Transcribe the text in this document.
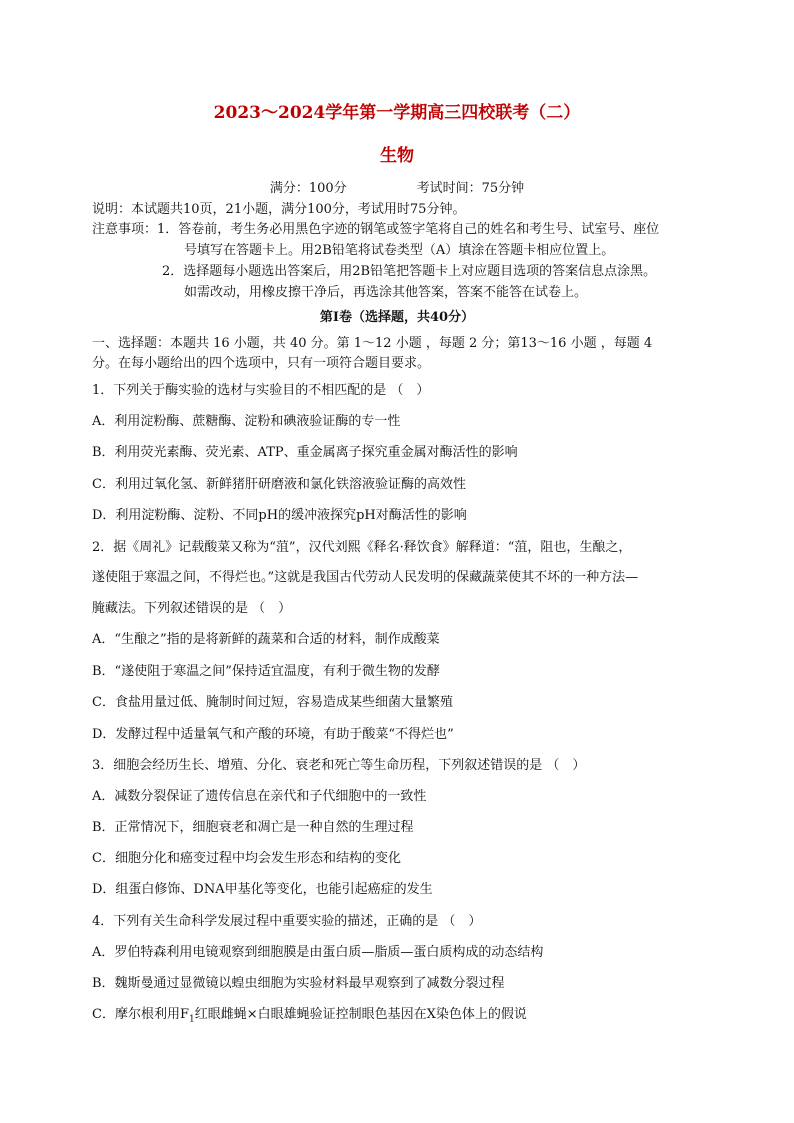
2023～2024学年第一学期高三四校联考（二）
生物
满分：100分	考试时间：75分钟
说明：本试题共10页，21小题，满分100分，考试用时75分钟。
注意事项：1．答卷前，考生务必用黑色字迹的钢笔或签字笔将自己的姓名和考生号、试室号、座位
号填写在答题卡上。用2B铅笔将试卷类型（A）填涂在答题卡相应位置上。
2．选择题每小题选出答案后，用2B铅笔把答题卡上对应题目选项的答案信息点涂黑。
如需改动，用橡皮擦干净后，再选涂其他答案，答案不能答在试卷上。
第Ⅰ卷（选择题，共40分）
一、选择题：本题共 16 小题，共 40 分。第 1～12 小题 ，每题 2 分；第13～16 小题 ，每题 4
分。在每小题给出的四个选项中，只有一项符合题目要求。
1．下列关于酶实验的选材与实验目的不相匹配的是 （　）
A．利用淀粉酶、蔗糖酶、淀粉和碘液验证酶的专一性
B．利用荧光素酶、荧光素、ATP、重金属离子探究重金属对酶活性的影响
C．利用过氧化氢、新鲜猪肝研磨液和氯化铁溶液验证酶的高效性
D．利用淀粉酶、淀粉、不同pH的缓冲液探究pH对酶活性的影响
2．据《周礼》记载酸菜又称为“菹”，汉代刘熙《释名·释饮食》解释道：“菹，阻也，生酿之，
遂使阻于寒温之间，不得烂也。”这就是我国古代劳动人民发明的保藏蔬菜使其不坏的一种方法—
腌藏法。下列叙述错误的是 （　）
A．“生酿之”指的是将新鲜的蔬菜和合适的材料，制作成酸菜
B．“遂使阻于寒温之间”保持适宜温度，有利于微生物的发酵
C．食盐用量过低、腌制时间过短，容易造成某些细菌大量繁殖
D．发酵过程中适量氧气和产酸的环境，有助于酸菜“不得烂也”
3．细胞会经历生长、增殖、分化、衰老和死亡等生命历程，下列叙述错误的是 （　）
A．减数分裂保证了遗传信息在亲代和子代细胞中的一致性
B．正常情况下，细胞衰老和凋亡是一种自然的生理过程
C．细胞分化和癌变过程中均会发生形态和结构的变化
D．组蛋白修饰、DNA甲基化等变化，也能引起癌症的发生
4．下列有关生命科学发展过程中重要实验的描述，正确的是 （　）
A．罗伯特森利用电镜观察到细胞膜是由蛋白质—脂质—蛋白质构成的动态结构
B．魏斯曼通过显微镜以蝗虫细胞为实验材料最早观察到了减数分裂过程
C．摩尔根利用$F_1$红眼雌蝇×白眼雄蝇验证控制眼色基因在X染色体上的假说
